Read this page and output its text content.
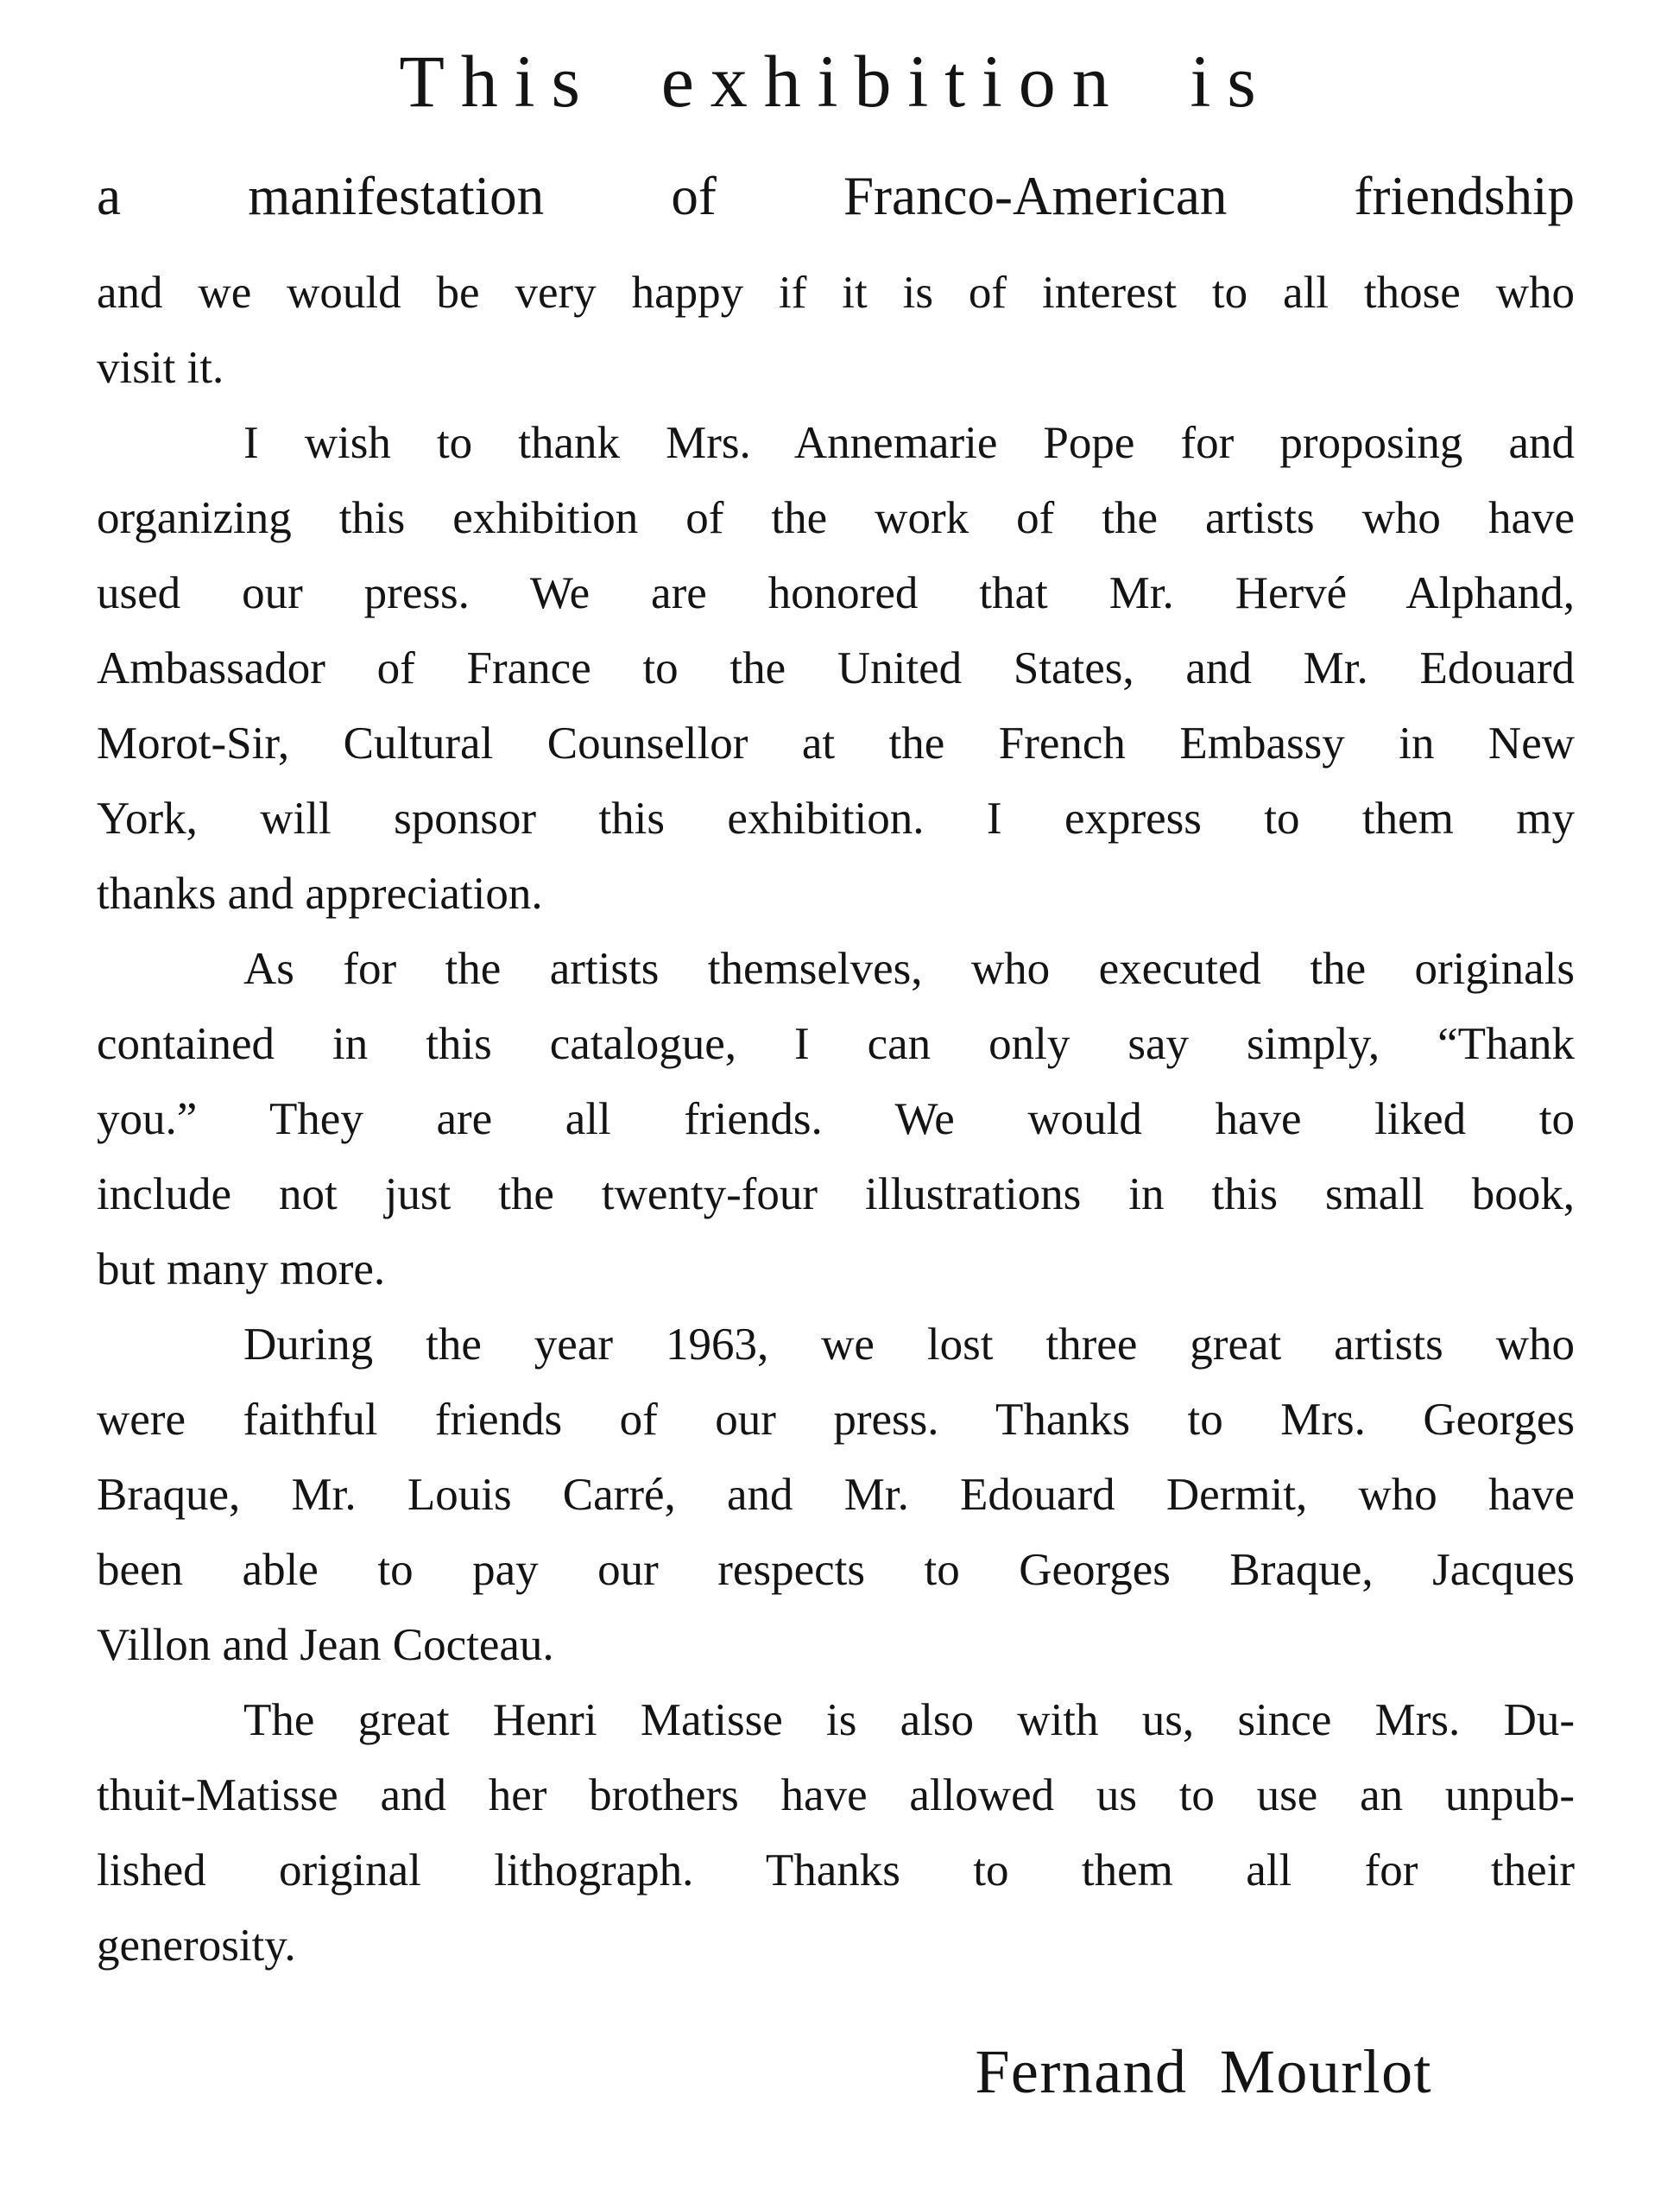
This exhibition is
a manifestation of Franco-American friendship
and we would be very happy if it is of interest to all those who
visit it.
I wish to thank Mrs. Annemarie Pope for proposing and
organizing this exhibition of the work of the artists who have
used our press. We are honored that Mr. Hervé Alphand,
Ambassador of France to the United States, and Mr. Edouard
Morot-Sir, Cultural Counsellor at the French Embassy in New
York, will sponsor this exhibition. I express to them my
thanks and appreciation.
As for the artists themselves, who executed the originals
contained in this catalogue, I can only say simply, “Thank
you.” They are all friends. We would have liked to
include not just the twenty-four illustrations in this small book,
but many more.
During the year 1963, we lost three great artists who
were faithful friends of our press. Thanks to Mrs. Georges
Braque, Mr. Louis Carré, and Mr. Edouard Dermit, who have
been able to pay our respects to Georges Braque, Jacques
Villon and Jean Cocteau.
The great Henri Matisse is also with us, since Mrs. Du-
thuit-Matisse and her brothers have allowed us to use an unpub-
lished original lithograph. Thanks to them all for their
generosity.
Fernand Mourlot
